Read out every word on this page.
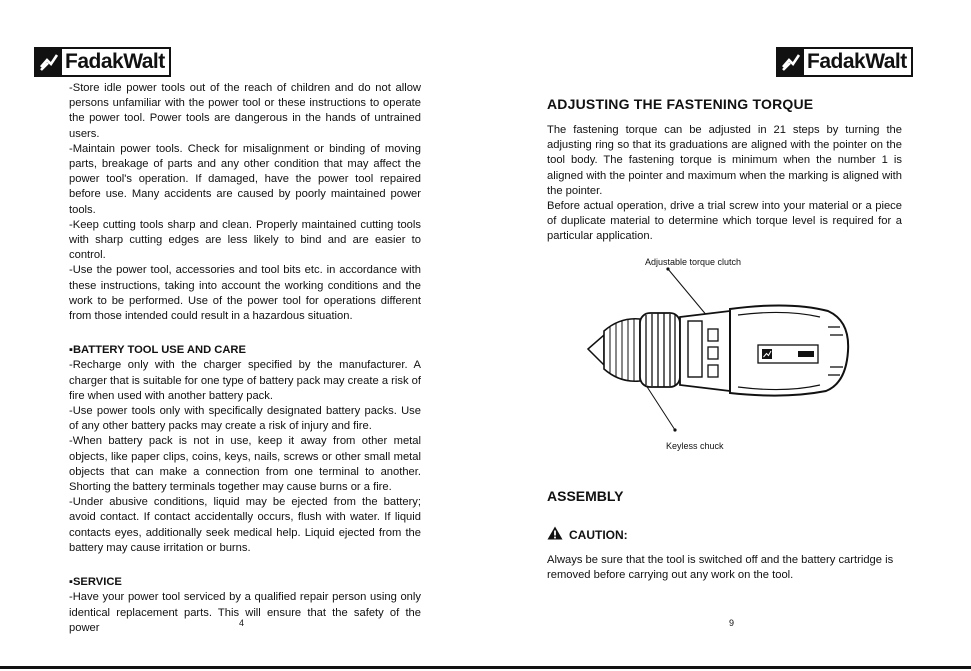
FadakWalt

-Store idle power tools out of the reach of children and do not allow persons unfamiliar with the power tool or these instructions to operate the power tool. Power tools are dangerous in the hands of untrained users.

-Maintain power tools. Check for misalignment or binding of moving parts, breakage of parts and any other condition that may affect the power tool's operation. If damaged, have the power tool repaired before use. Many accidents are caused by poorly maintained power tools.

-Keep cutting tools sharp and clean. Properly maintained cutting tools with sharp cutting edges are less likely to bind and are easier to control.

-Use the power tool, accessories and tool bits etc. in accordance with these instructions, taking into account the working conditions and the work to be performed. Use of the power tool for operations different from those intended could result in a hazardous situation.

▪BATTERY TOOL USE AND CARE

-Recharge only with the charger specified by the manufacturer. A charger that is suitable for one type of battery pack may create a risk of fire when used with another battery pack.

-Use power tools only with specifically designated battery packs. Use of any other battery packs may create a risk of injury and fire.

-When battery pack is not in use, keep it away from other metal objects, like paper clips, coins, keys, nails, screws or other small metal objects that can make a connection from one terminal to another. Shorting the battery terminals together may cause burns or a fire.

-Under abusive conditions, liquid may be ejected from the battery; avoid contact. If contact accidentally occurs, flush with water. If liquid contacts eyes, additionally seek medical help. Liquid ejected from the battery may cause irritation or burns.

▪SERVICE

-Have your power tool serviced by a qualified repair person using only identical replacement parts. This will ensure that the safety of the power	4
FadakWalt
ADJUSTING THE FASTENING TORQUE

The fastening torque can be adjusted in 21 steps by turning the adjusting ring so that its graduations are aligned with the pointer on the tool body. The fastening torque is minimum when the number 1 is aligned with the pointer and maximum when the marking is aligned with the pointer.

Before actual operation, drive a trial screw into your material or a piece of duplicate material to determine which torque level is required for a particular application.

Adjustable torque clutch
Keyless chuck
ASSEMBLY
CAUTION:

Always be sure that the tool is switched off and the battery cartridge is removed before carrying out any work on the tool.

9
